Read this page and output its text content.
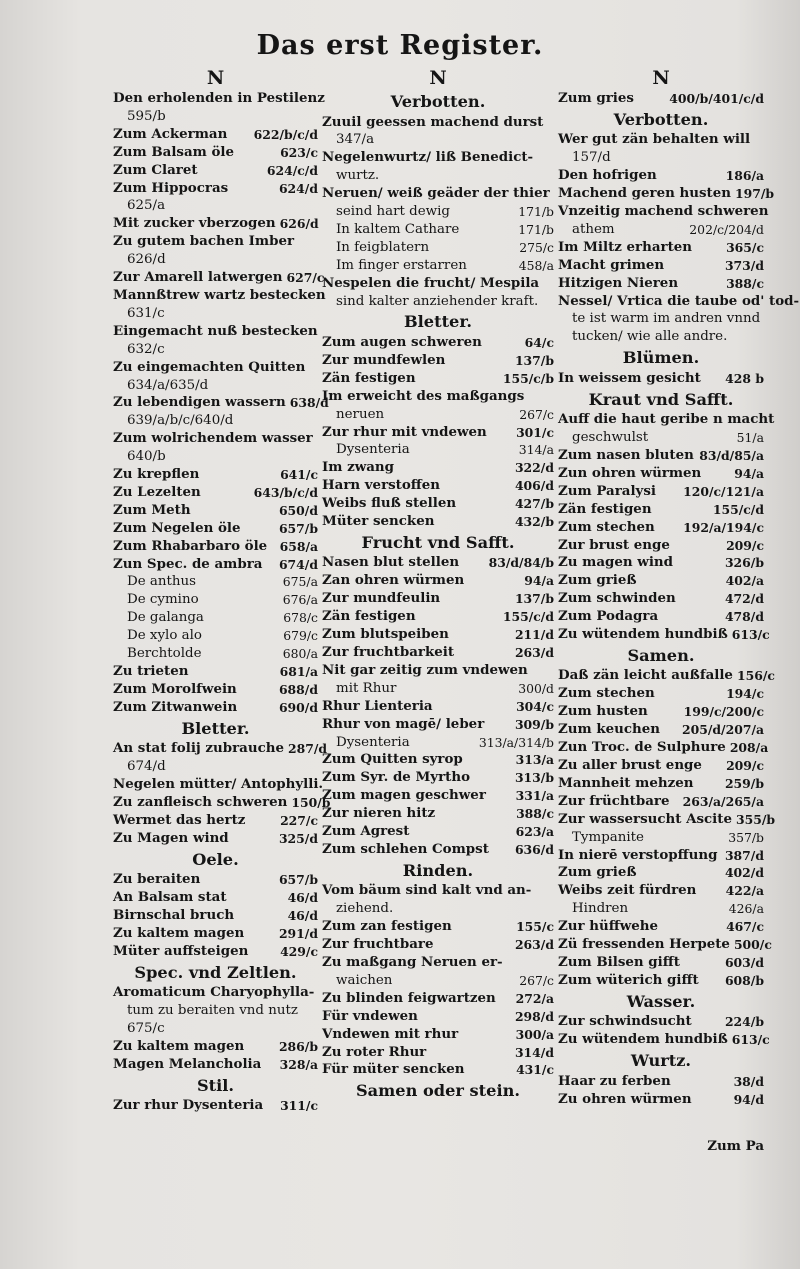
Das erst Register.
N
Den erholenden in Pestilenz
595/b
Zum Ackerman	622/b/c/d
Zum Balsam öle	623/c
Zum Claret	624/c/d
Zum Hippocras	624/d
625/a
Mit zucker vberzogen 626/d
Zu gutem bachen Imber
626/d
Zur Amarell latwergen 627/c
Mannßtrew wartz bestecken
631/c
Eingemacht nuß bestecken
632/c
Zu eingemachten Quitten
634/a/635/d
Zu lebendigen wassern 638/d
639/a/b/c/640/d
Zum wolrichendem wasser
640/b
Zu krepflen	641/c
Zu Lezelten	643/b/c/d
Zum Meth	650/d
Zum Negelen öle	657/b
Zum Rhabarbaro öle 658/a
Zun Spec. de ambra	674/d
De anthus	675/a
De cymino	676/a
De galanga	678/c
De xylo alo	679/c
Berchtolde	680/a
Zu trieten	681/a
Zum Morolfwein	688/d
Zum Zitwanwein	690/d
Bletter.
An stat folij zubrauche 287/d
674/d
Negelen mütter/ Antophylli.
Zu zanfleisch schweren 150/b
Wermet das hertz	227/c
Zu Magen wind	325/d
Oele.
Zu beraiten	657/b
An Balsam stat	46/d
Birnschal bruch	46/d
Zu kaltem magen	291/d
Müter auffsteigen	429/c
Spec. vnd Zeltlen.
Aromaticum Charyophylla-
tum zu beraiten vnd nutz
675/c
Zu kaltem magen	286/b
Magen Melancholia	328/a
Stil.
Zur rhur Dysenteria	311/c
N
Verbotten.
Zuuil geessen machend durst
347/a
Negelenwurtz/ liß Benedict-
wurtz.
Neruen/ weiß geäder der thier
seind hart dewig	171/b
In kaltem Cathare	171/b
In feigblatern	275/c
Im finger erstarren	458/a
Nespelen die frucht/ Mespila
sind kalter anziehender kraft.
Bletter.
Zum augen schweren	64/c
Zur mundfewlen	137/b
Zän festigen	155/c/b
Im erweicht des maßgangs
neruen	267/c
Zur rhur mit vndewen	301/c
Dysenteria	314/a
Im zwang	322/d
Harn verstoffen	406/d
Weibs fluß stellen	427/b
Müter sencken	432/b
Frucht vnd Safft.
Nasen blut stellen	83/d/84/b
Zan ohren würmen	94/a
Zur mundfeulin	137/b
Zän festigen	155/c/d
Zum blutspeiben	211/d
Zur fruchtbarkeit	263/d
Nit gar zeitig zum vndewen
mit Rhur	300/d
Rhur Lienteria	304/c
Rhur von magē/ leber	309/b
Dysenteria	313/a/314/b
Zum Quitten syrop	313/a
Zum Syr. de Myrtho	313/b
Zum magen geschwer	331/a
Zur nieren hitz	388/c
Zum Agrest	623/a
Zum schlehen Compst	636/d
Rinden.
Vom bäum sind kalt vnd an-
ziehend.
Zum zan festigen	155/c
Zur fruchtbare	263/d
Zu maßgang Neruen er-
waichen	267/c
Zu blinden feigwartzen	272/a
Für vndewen	298/d
Vndewen mit rhur	300/a
Zu roter Rhur	314/d
Für müter sencken	431/c
Samen oder stein.
N
Zum gries	400/b/401/c/d
Verbotten.
Wer gut zän behalten will
157/d
Den hofrigen	186/a
Machend geren husten 197/b
Vnzeitig machend schweren
athem	202/c/204/d
Im Miltz erharten	365/c
Macht grimen	373/d
Hitzigen Nieren	388/c
Nessel/ Vrtica die taube od' tod-
te ist warm im andren vnnd
tucken/ wie alle andre.
Blümen.
In weissem gesicht	428 b
Kraut vnd Safft.
Auff die haut geribe n macht
geschwulst	51/a
Zum nasen bluten 83/d/85/a
Zun ohren würmen	94/a
Zum Paralysi	120/c/121/a
Zän festigen	155/c/d
Zum stechen	192/a/194/c
Zur brust enge	209/c
Zu magen wind	326/b
Zum grieß	402/a
Zum schwinden	472/d
Zum Podagra	478/d
Zu wütendem hundbiß 613/c
Samen.
Daß zän leicht außfalle 156/c
Zum stechen	194/c
Zum husten	199/c/200/c
Zum keuchen	205/d/207/a
Zun Troc. de Sulphure 208/a
Zu aller brust enge	209/c
Mannheit mehzen	259/b
Zur früchtbare	263/a/265/a
Zur wassersucht Ascite 355/b
Tympanite	357/b
In nierē verstopffung 387/d
Zum grieß	402/d
Weibs zeit fürdren	422/a
Hindren	426/a
Zur hüffwehe	467/c
Zü fressenden Herpete 500/c
Zum Bilsen gifft	603/d
Zum wüterich gifft	608/b
Wasser.
Zur schwindsucht	224/b
Zu wütendem hundbiß 613/c
Wurtz.
Haar zu ferben	38/d
Zu ohren würmen	94/d
Zum Pa
